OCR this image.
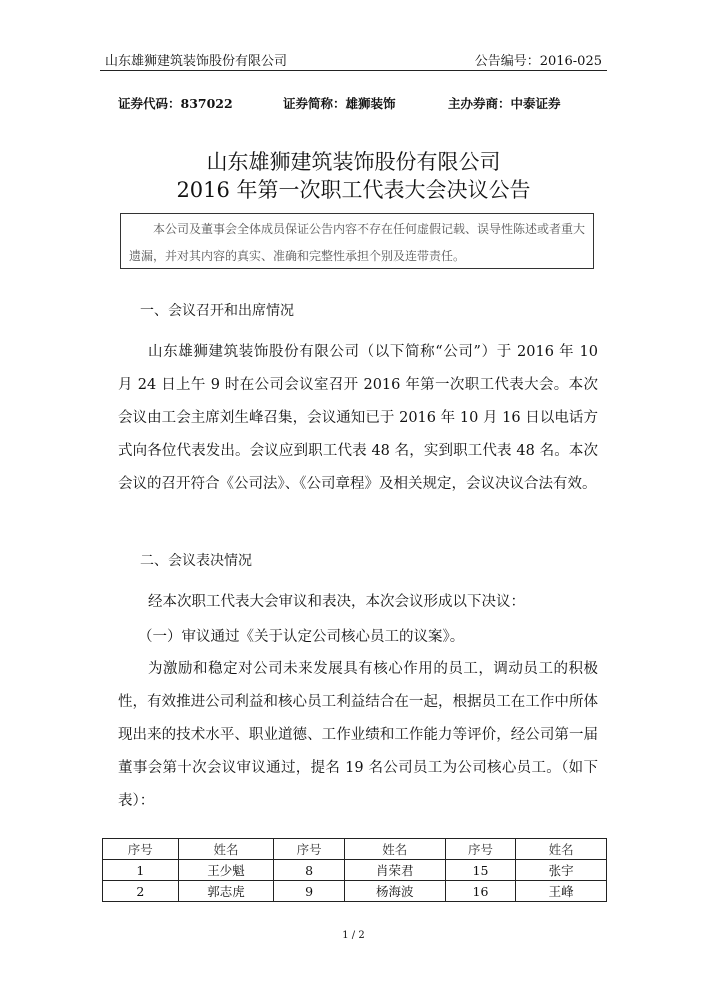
山东雄狮建筑装饰股份有限公司	公告编号：2016-025
证券代码：837022	证券简称：雄狮装饰	主办券商：中泰证券
山东雄狮建筑装饰股份有限公司
2016 年第一次职工代表大会决议公告

本公司及董事会全体成员保证公告内容不存在任何虚假记载、误导性陈述或者重大遗漏，并对其内容的真实、准确和完整性承担个别及连带责任。

一、会议召开和出席情况

山东雄狮建筑装饰股份有限公司（以下简称“公司”）于 2016 年 10 月 24 日上午 9 时在公司会议室召开 2016 年第一次职工代表大会。本次会议由工会主席刘生峰召集，会议通知已于 2016 年 10 月 16 日以电话方式向各位代表发出。会议应到职工代表 48 名，实到职工代表 48 名。本次会议的召开符合《公司法》、《公司章程》及相关规定，会议决议合法有效。

二、会议表决情况
经本次职工代表大会审议和表决，本次会议形成以下决议：
（一）审议通过《关于认定公司核心员工的议案》。

为激励和稳定对公司未来发展具有核心作用的员工，调动员工的积极性，有效推进公司利益和核心员工利益结合在一起，根据员工在工作中所体现出来的技术水平、职业道德、工作业绩和工作能力等评价，经公司第一届董事会第十次会议审议通过，提名 19 名公司员工为公司核心员工。（如下表）：

序号	姓名	序号	姓名	序号	姓名
1	王少魁	8	肖荣君	15	张宇
2	郭志虎	9	杨海波	16	王峰
1 / 2
